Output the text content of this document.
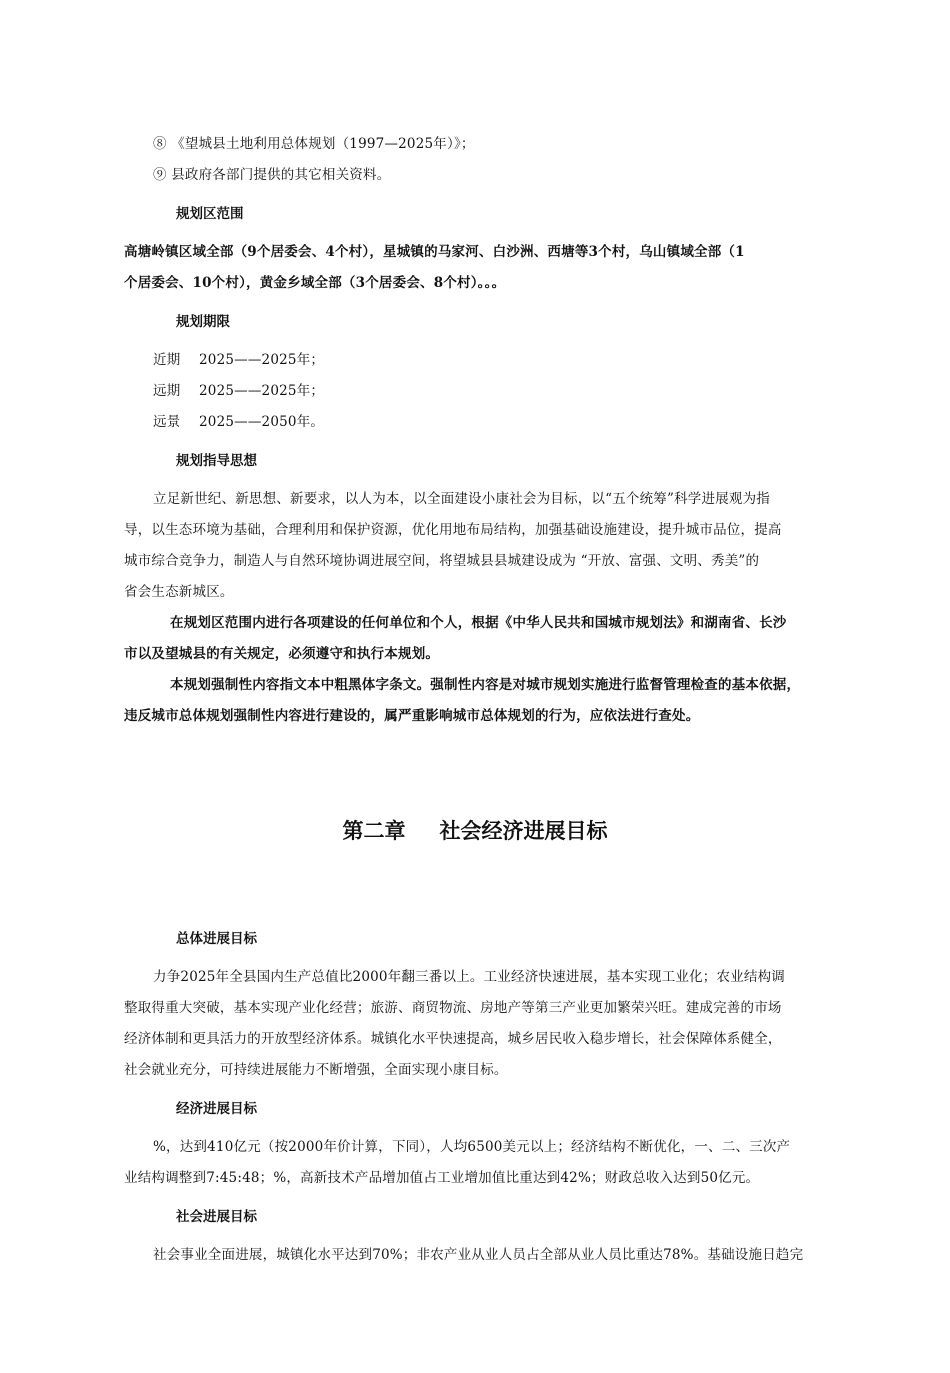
⑧ 《望城县土地利用总体规划（1997—2025年）》；
⑨ 县政府各部门提供的其它相关资料。
规划区范围
高塘岭镇区域全部（9个居委会、4个村），星城镇的马家河、白沙洲、西塘等3个村，乌山镇域全部（1
个居委会、10个村），黄金乡域全部（3个居委会、8个村）。。。
规划期限
近期 2025——2025年；
远期 2025——2025年；
远景 2025——2050年。
规划指导思想
立足新世纪、新思想、新要求，以人为本，以全面建设小康社会为目标，以“五个统筹”科学进展观为指
导，以生态环境为基础，合理利用和保护资源，优化用地布局结构，加强基础设施建设，提升城市品位，提高
城市综合竞争力，制造人与自然环境协调进展空间，将望城县县城建设成为 “开放、富强、文明、秀美”的
省会生态新城区。
在规划区范围内进行各项建设的任何单位和个人，根据《中华人民共和国城市规划法》和湖南省、长沙
市以及望城县的有关规定，必须遵守和执行本规划。
本规划强制性内容指文本中粗黑体字条文。强制性内容是对城市规划实施进行监督管理检查的基本依据，
违反城市总体规划强制性内容进行建设的，属严重影响城市总体规划的行为，应依法进行查处。
第二章 社会经济进展目标
总体进展目标
力争2025年全县国内生产总值比2000年翻三番以上。工业经济快速进展，基本实现工业化；农业结构调
整取得重大突破，基本实现产业化经营；旅游、商贸物流、房地产等第三产业更加繁荣兴旺。建成完善的市场
经济体制和更具活力的开放型经济体系。城镇化水平快速提高，城乡居民收入稳步增长，社会保障体系健全，
社会就业充分，可持续进展能力不断增强，全面实现小康目标。
经济进展目标
%，达到410亿元（按2000年价计算，下同），人均6500美元以上；经济结构不断优化，一、二、三次产
业结构调整到7:45:48；%，高新技术产品增加值占工业增加值比重达到42%；财政总收入达到50亿元。
社会进展目标
社会事业全面进展，城镇化水平达到70%；非农产业从业人员占全部从业人员比重达78%。基础设施日趋完
